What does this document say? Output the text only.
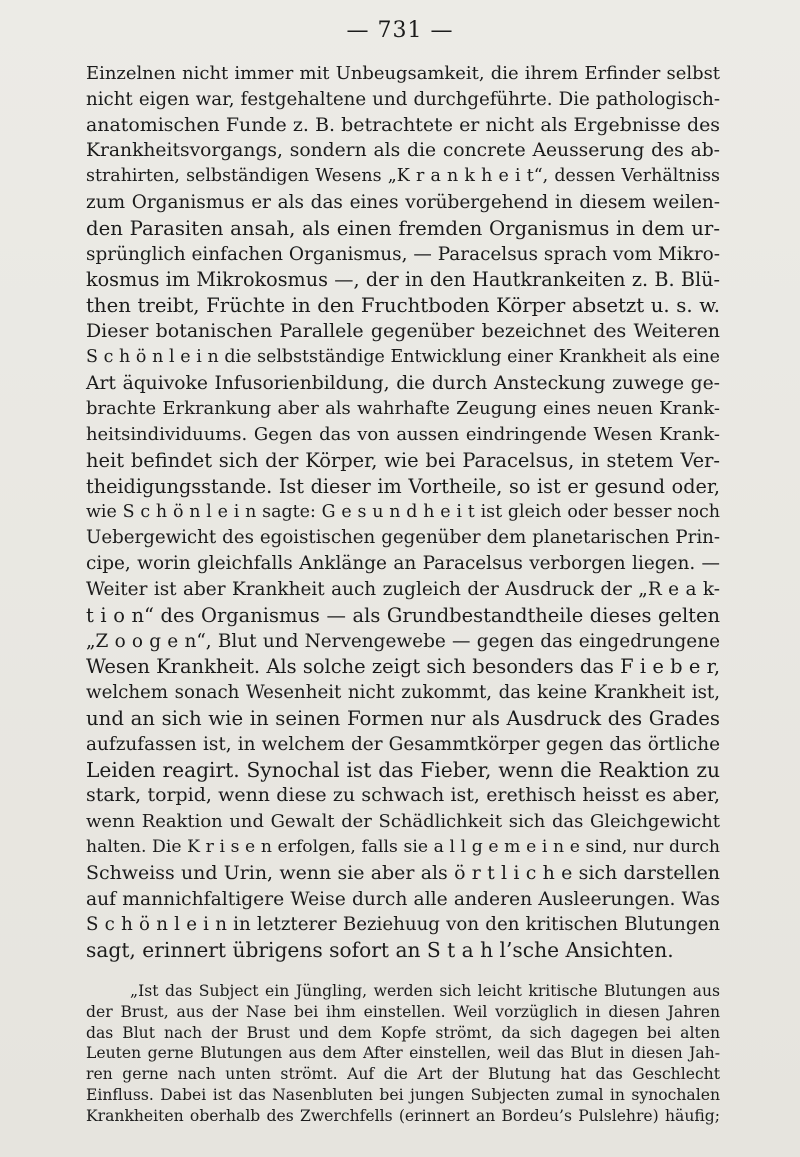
— 731 —
Einzelnen nicht immer mit Unbeugsamkeit, die ihrem Erfinder selbst
nicht eigen war, festgehaltene und durchgeführte. Die pathologisch-
anatomischen Funde z. B. betrachtete er nicht als Ergebnisse des
Krankheitsvorgangs, sondern als die concrete Aeusserung des ab-
strahirten, selbständigen Wesens „K r a n k h e i t“, dessen Verhältniss
zum Organismus er als das eines vorübergehend in diesem weilen-
den Parasiten ansah, als einen fremden Organismus in dem ur-
sprünglich einfachen Organismus, — Paracelsus sprach vom Mikro-
kosmus im Mikrokosmus —, der in den Hautkrankeiten z. B. Blü-
then treibt, Früchte in den Fruchtboden Körper absetzt u. s. w.
Dieser botanischen Parallele gegenüber bezeichnet des Weiteren
S c h ö n l e i n die selbstständige Entwicklung einer Krankheit als eine
Art äquivoke Infusorienbildung, die durch Ansteckung zuwege ge-
brachte Erkrankung aber als wahrhafte Zeugung eines neuen Krank-
heitsindividuums. Gegen das von aussen eindringende Wesen Krank-
heit befindet sich der Körper, wie bei Paracelsus, in stetem Ver-
theidigungsstande. Ist dieser im Vortheile, so ist er gesund oder,
wie S c h ö n l e i n sagte: G e s u n d h e i t ist gleich oder besser noch
Uebergewicht des egoistischen gegenüber dem planetarischen Prin-
cipe, worin gleichfalls Anklänge an Paracelsus verborgen liegen. —
Weiter ist aber Krankheit auch zugleich der Ausdruck der „R e a k-
t i o n“ des Organismus — als Grundbestandtheile dieses gelten
„Z o o g e n“, Blut und Nervengewebe — gegen das eingedrungene
Wesen Krankheit. Als solche zeigt sich besonders das F i e b e r,
welchem sonach Wesenheit nicht zukommt, das keine Krankheit ist,
und an sich wie in seinen Formen nur als Ausdruck des Grades
aufzufassen ist, in welchem der Gesammtkörper gegen das örtliche
Leiden reagirt. Synochal ist das Fieber, wenn die Reaktion zu
stark, torpid, wenn diese zu schwach ist, erethisch heisst es aber,
wenn Reaktion und Gewalt der Schädlichkeit sich das Gleichgewicht
halten. Die K r i s e n erfolgen, falls sie a l l g e m e i n e sind, nur durch
Schweiss und Urin, wenn sie aber als ö r t l i c h e sich darstellen
auf mannichfaltigere Weise durch alle anderen Ausleerungen. Was
S c h ö n l e i n in letzterer Beziehuug von den kritischen Blutungen
sagt, erinnert übrigens sofort an S t a h l’sche Ansichten.
„Ist das Subject ein Jüngling, werden sich leicht kritische Blutungen aus
der Brust, aus der Nase bei ihm einstellen. Weil vorzüglich in diesen Jahren
das Blut nach der Brust und dem Kopfe strömt, da sich dagegen bei alten
Leuten gerne Blutungen aus dem After einstellen, weil das Blut in diesen Jah-
ren gerne nach unten strömt. Auf die Art der Blutung hat das Geschlecht
Einfluss. Dabei ist das Nasenbluten bei jungen Subjecten zumal in synochalen
Krankheiten oberhalb des Zwerchfells (erinnert an Bordeu’s Pulslehre) häufig;
